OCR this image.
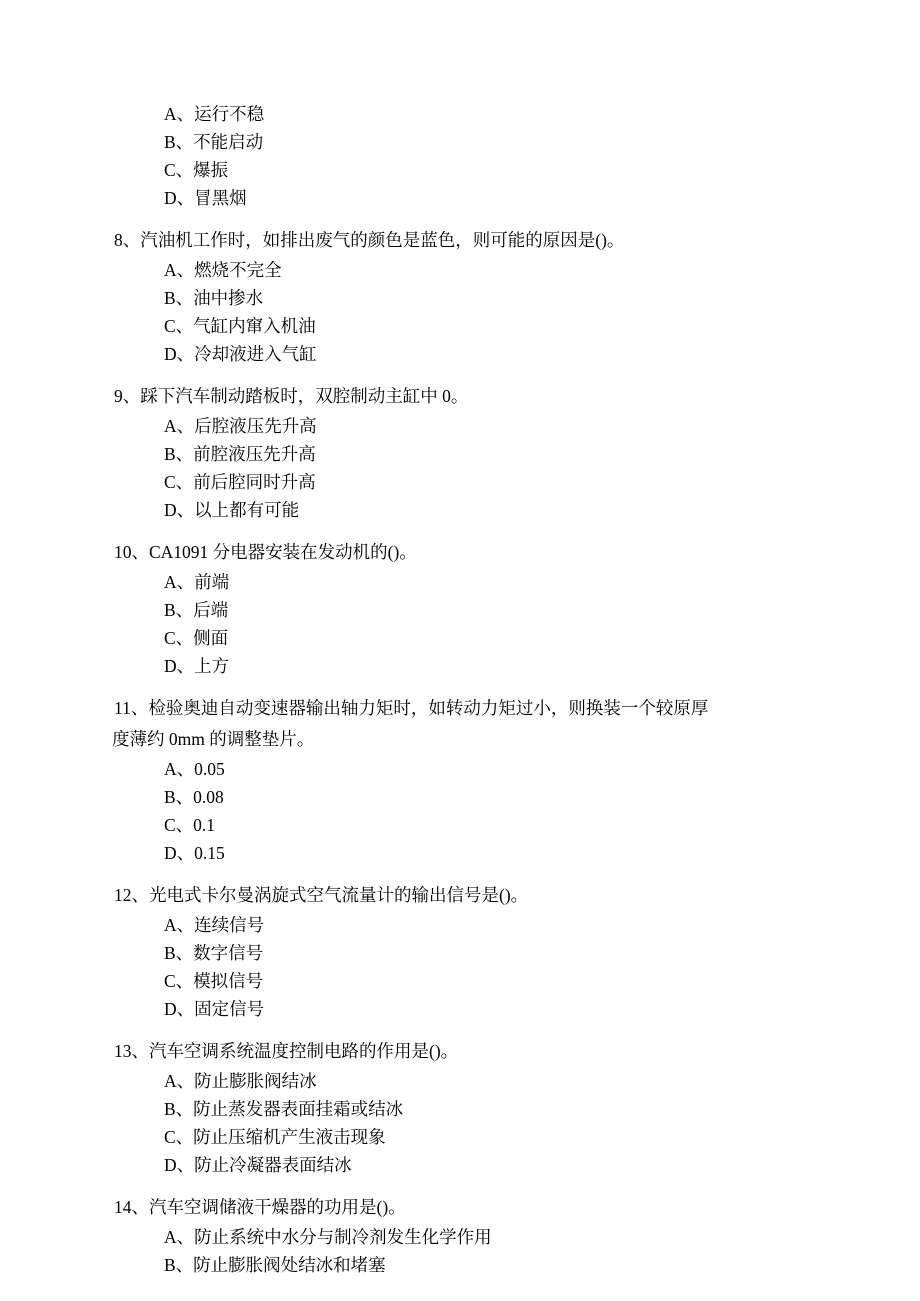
A、运行不稳
B、不能启动
C、爆振
D、冒黑烟
8、汽油机工作时，如排出废气的颜色是蓝色，则可能的原因是()。
A、燃烧不完全
B、油中掺水
C、气缸内窜入机油
D、冷却液进入气缸
9、踩下汽车制动踏板时，双腔制动主缸中 0。
A、后腔液压先升高
B、前腔液压先升高
C、前后腔同时升高
D、以上都有可能
10、CA1091 分电器安装在发动机的()。
A、前端
B、后端
C、侧面
D、上方
11、检验奥迪自动变速器输出轴力矩时，如转动力矩过小，则换装一个较原厚
度薄约 0mm 的调整垫片。
A、0.05
B、0.08
C、0.1
D、0.15
12、光电式卡尔曼涡旋式空气流量计的输出信号是()。
A、连续信号
B、数字信号
C、模拟信号
D、固定信号
13、汽车空调系统温度控制电路的作用是()。
A、防止膨胀阀结冰
B、防止蒸发器表面挂霜或结冰
C、防止压缩机产生液击现象
D、防止冷凝器表面结冰
14、汽车空调储液干燥器的功用是()。
A、防止系统中水分与制冷剂发生化学作用
B、防止膨胀阀处结冰和堵塞
